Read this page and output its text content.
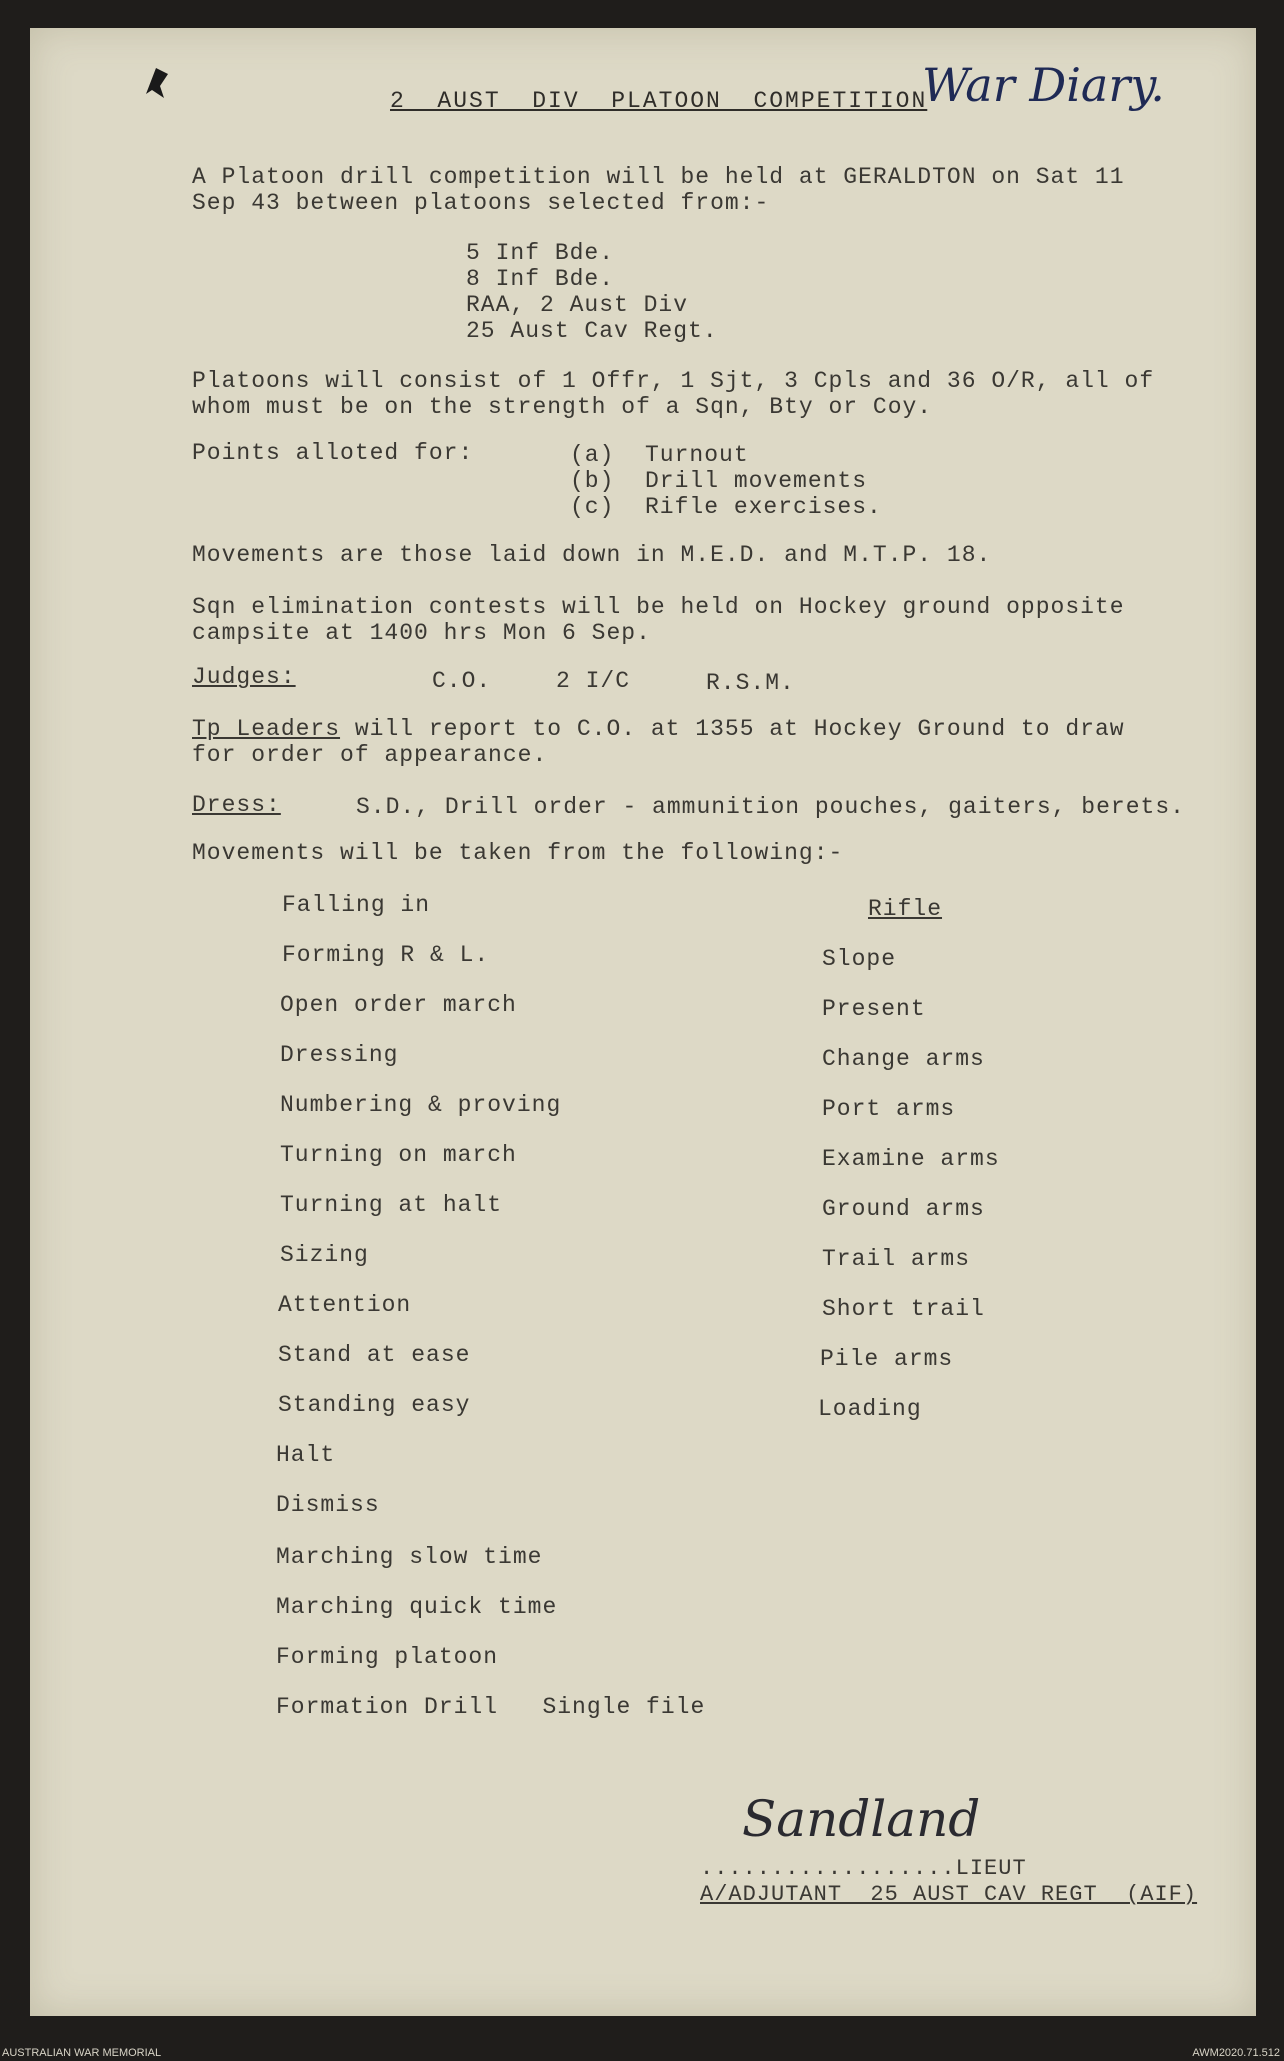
2  AUST  DIV  PLATOON  COMPETITION
War Diary.
A Platoon drill competition will be held at GERALDTON on Sat 11
Sep 43 between platoons selected from:-
5 Inf Bde.
8 Inf Bde.
RAA, 2 Aust Div
25 Aust Cav Regt.
Platoons will consist of 1 Offr, 1 Sjt, 3 Cpls and 36 O/R, all of
whom must be on the strength of a Sqn, Bty or Coy.
Points alloted for:	(a) Turnout
(b) Drill movements
(c) Rifle exercises.
Movements are those laid down in M.E.D. and M.T.P. 18.
Sqn elimination contests will be held on Hockey ground opposite
campsite at 1400 hrs Mon 6 Sep.
Judges:	C.O.	2 I/C	R.S.M.
Tp Leaders will report to C.O. at 1355 at Hockey Ground to draw
for order of appearance.
Dress:	S.D., Drill order - ammunition pouches, gaiters, berets.
Movements will be taken from the following:-
Falling in
Forming R & L.
Open order march
Dressing
Numbering & proving
Turning on march
Turning at halt
Sizing
Attention
Stand at ease
Standing easy
Halt
Dismiss
Marching slow time
Marching quick time
Forming platoon
Formation Drill   Single file
Rifle
Slope
Present
Change arms
Port arms
Examine arms
Ground arms
Trail arms
Short trail
Pile arms
Loading
Sandland
..................LIEUT
A/ADJUTANT  25 AUST CAV REGT  (AIF)
AUSTRALIAN WAR MEMORIAL	AWM2020.71.512
